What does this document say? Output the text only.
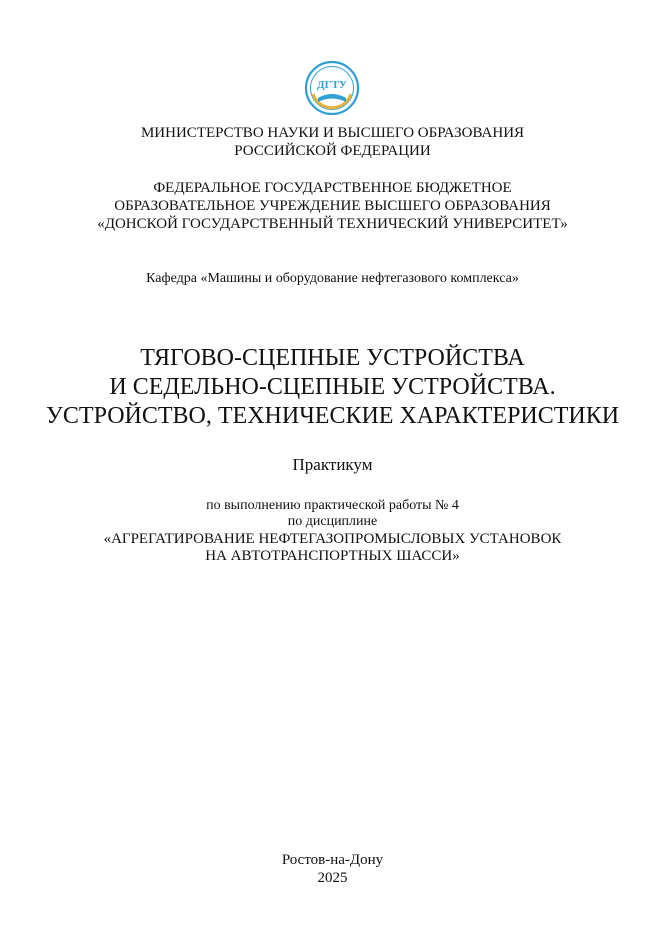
ДГТУ
МИНИСТЕРСТВО НАУКИ И ВЫСШЕГО ОБРАЗОВАНИЯ
РОССИЙСКОЙ ФЕДЕРАЦИИ
ФЕДЕРАЛЬНОЕ ГОСУДАРСТВЕННОЕ БЮДЖЕТНОЕ
ОБРАЗОВАТЕЛЬНОЕ УЧРЕЖДЕНИЕ ВЫСШЕГО ОБРАЗОВАНИЯ
«ДОНСКОЙ ГОСУДАРСТВЕННЫЙ ТЕХНИЧЕСКИЙ УНИВЕРСИТЕТ»
Кафедра «Машины и оборудование нефтегазового комплекса»
ТЯГОВО-СЦЕПНЫЕ УСТРОЙСТВА
И СЕДЕЛЬНО-СЦЕПНЫЕ УСТРОЙСТВА.
УСТРОЙСТВО, ТЕХНИЧЕСКИЕ ХАРАКТЕРИСТИКИ
Практикум
по выполнению практической работы № 4
по дисциплине
«АГРЕГАТИРОВАНИЕ НЕФТЕГАЗОПРОМЫСЛОВЫХ УСТАНОВОК
НА АВТОТРАНСПОРТНЫХ ШАССИ»
Ростов-на-Дону
2025
